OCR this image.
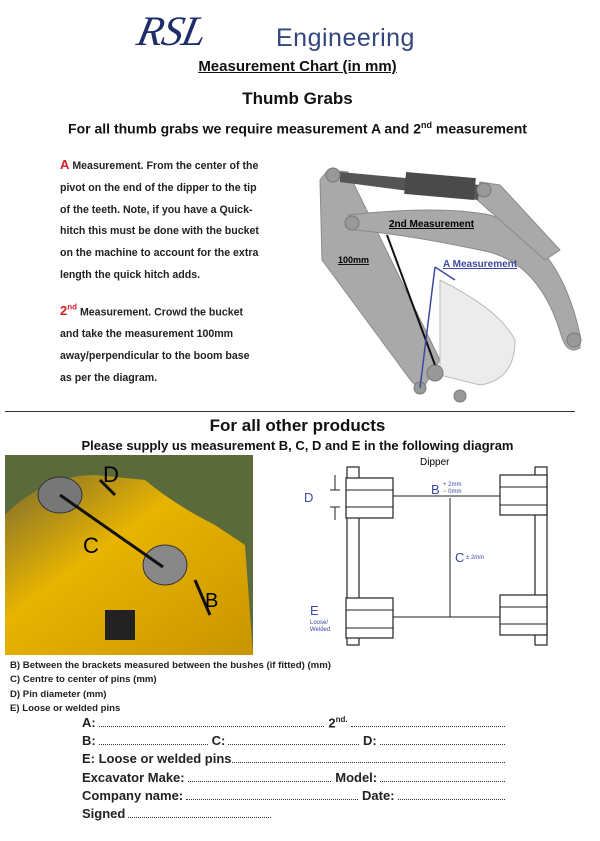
RSL	Engineering
Measurement Chart (in mm)
Thumb Grabs
For all thumb grabs we require measurement A and 2nd measurement

A Measurement. From the center of the pivot on the end of the dipper to the tip of the teeth. Note, if you have a Quick-hitch this must be done with the bucket on the machine to account for the extra length the quick hitch adds.

2nd Measurement. Crowd the bucket and take the measurement 100mm away/perpendicular to the boom base as per the diagram.

2nd Measurement
100mm	A Measurement
For all other products
Please supply us measurement B, C, D and E in the following diagram
D
C
B
Dipper
D
B + 2mm
− 0mm
C ± 2mm
E
Loose/
Welded
B) Between the brackets measured between the bushes (if fitted) (mm)
C) Centre to center of pins (mm)
D) Pin diameter (mm)
E) Loose or welded pins
A:	$2^{nd.}$
B:	C:	D:
E: Loose or welded pins
Excavator Make:	Model:
Company name:	Date:
Signed
